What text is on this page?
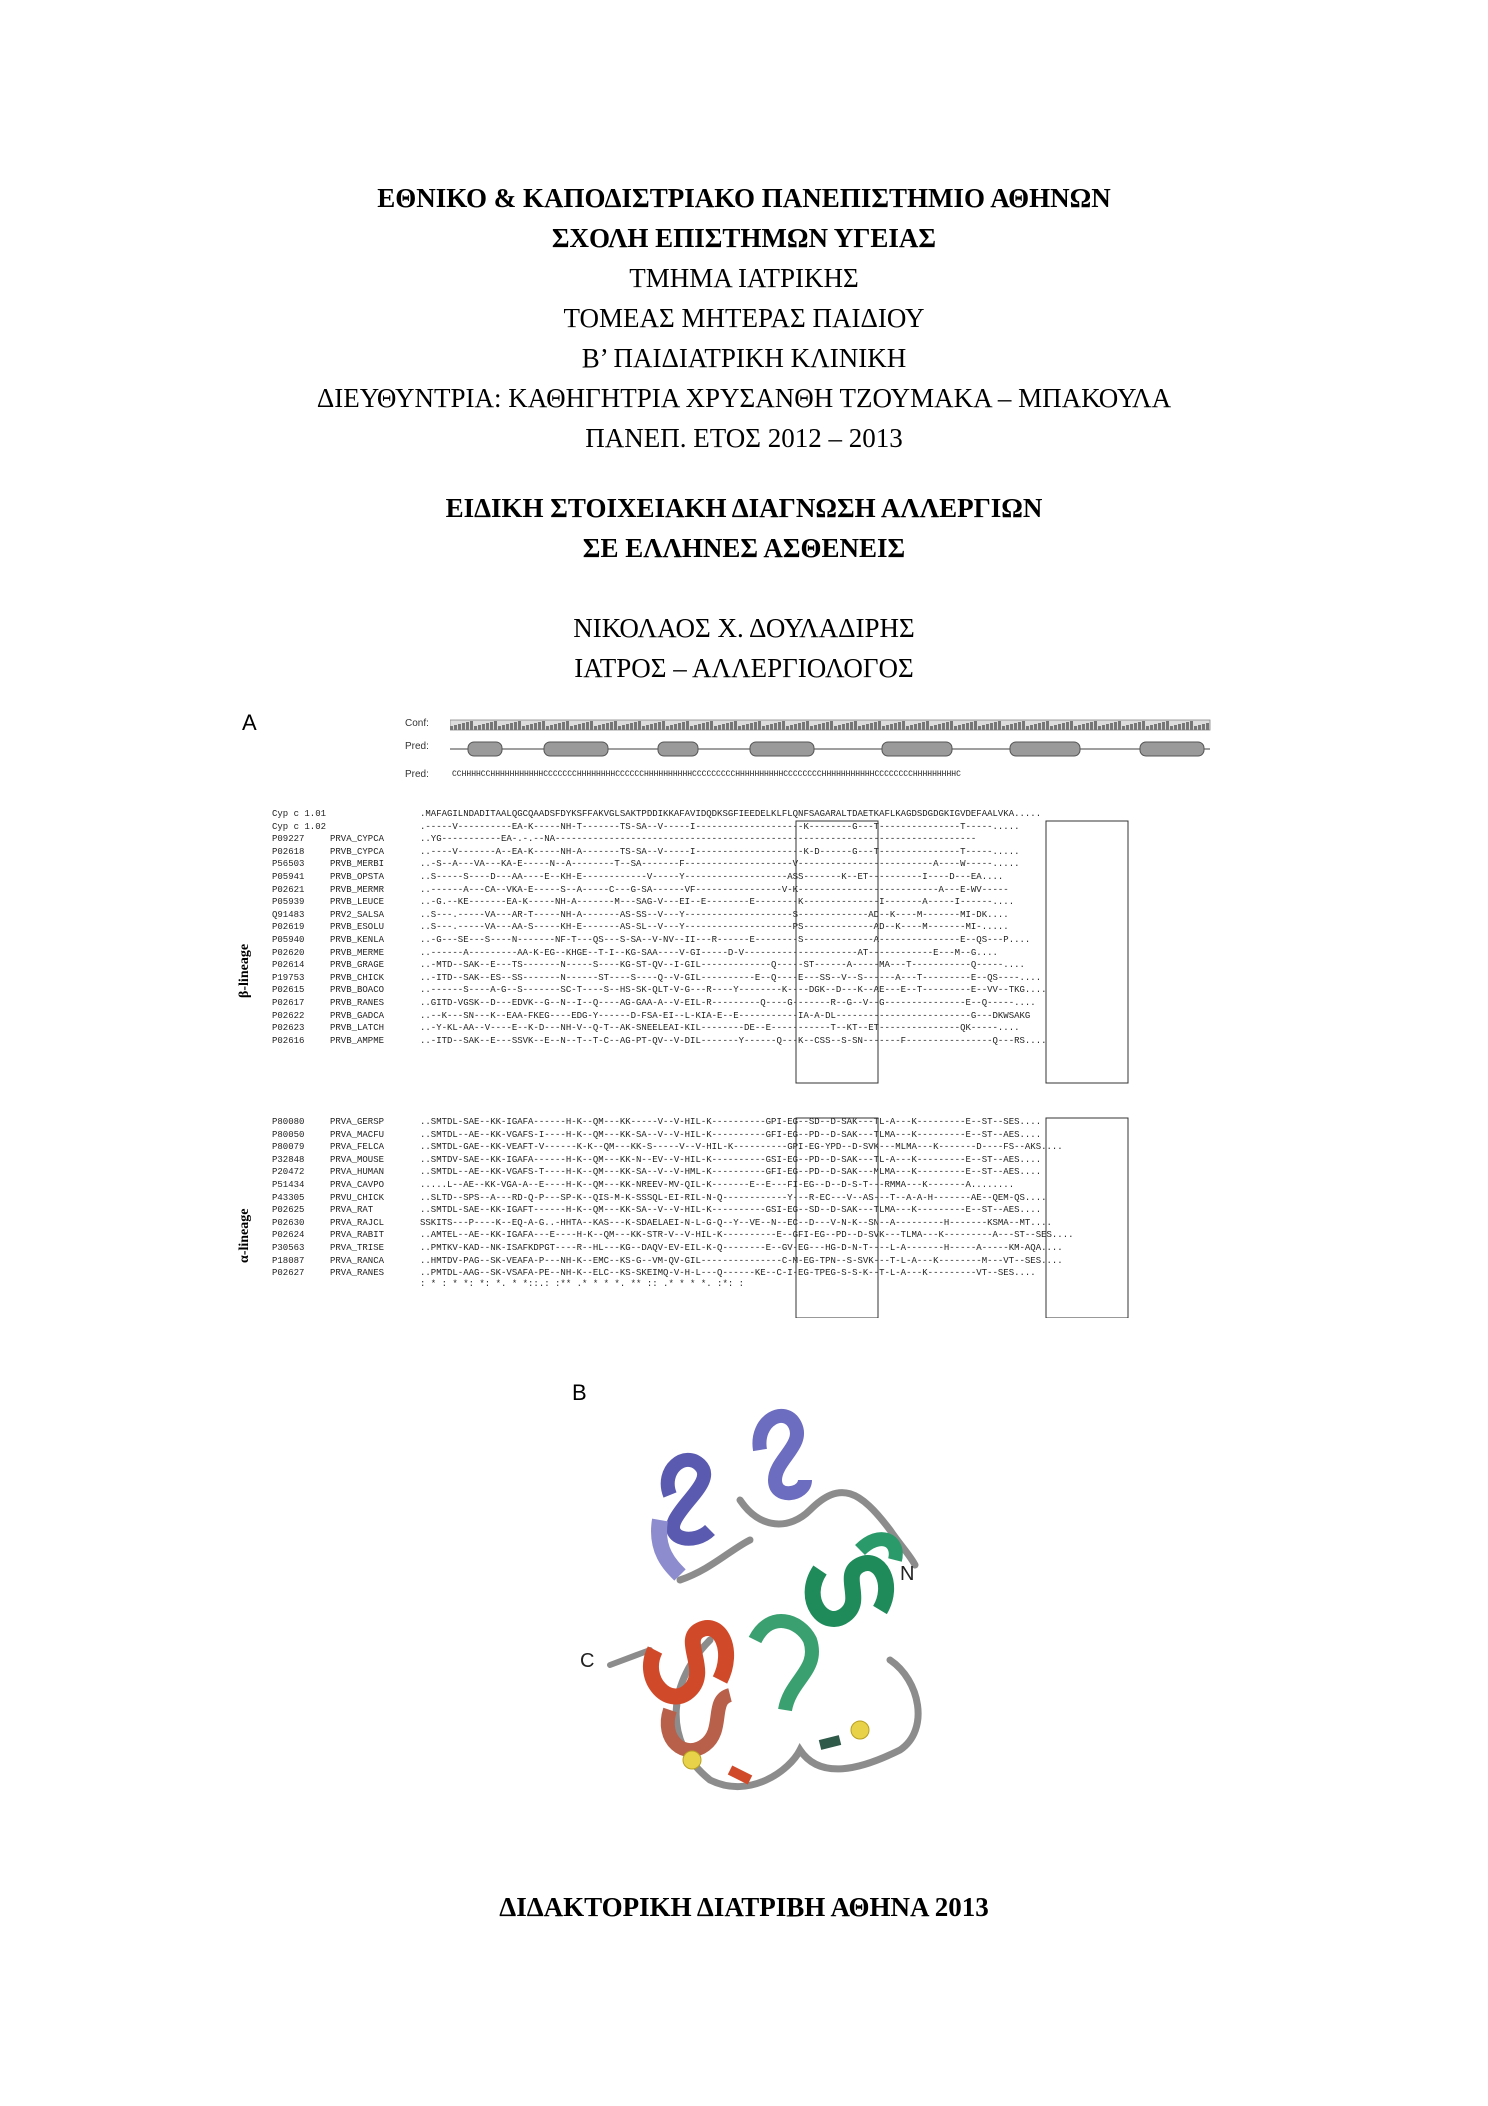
ΕΘΝΙΚΟ & ΚΑΠΟΔΙΣΤΡΙΑΚΟ ΠΑΝΕΠΙΣΤΗΜΙΟ ΑΘΗΝΩΝ
ΣΧΟΛΗ ΕΠΙΣΤΗΜΩΝ ΥΓΕΙΑΣ
ΤΜΗΜΑ ΙΑΤΡΙΚΗΣ
ΤΟΜΕΑΣ ΜΗΤΕΡΑΣ ΠΑΙΔΙΟΥ
Β’ ΠΑΙΔΙΑΤΡΙΚΗ ΚΛΙΝΙΚΗ
ΔΙΕΥΘΥΝΤΡΙΑ: ΚΑΘΗΓΗΤΡΙΑ ΧΡΥΣΑΝΘΗ ΤΖΟΥΜΑΚΑ – ΜΠΑΚΟΥΛΑ
ΠΑΝΕΠ. ΕΤΟΣ 2012 – 2013
ΕΙΔΙΚΗ ΣΤΟΙΧΕΙΑΚΗ ΔΙΑΓΝΩΣΗ ΑΛΛΕΡΓΙΩΝ
ΣΕ ΕΛΛΗΝΕΣ ΑΣΘΕΝΕΙΣ
ΝΙΚΟΛΑΟΣ Χ. ΔΟΥΛΑΔΙΡΗΣ
ΙΑΤΡΟΣ – ΑΛΛΕΡΓΙΟΛΟΓΟΣ
A	Conf:
Pred:
Pred:	CCHHHHCCHHHHHHHHHHHCCCCCCCHHHHHHHHCCCCCCHHHHHHHHHHCCCCCCCCCHHHHHHHHHHCCCCCCCCHHHHHHHHHHHCCCCCCCCHHHHHHHHHC
Cyp c 1.01	.MAFAGILNDADITAALQGCQAADSFDYKSFFAKVGLSAKTPDDIKKAFAVIDQDKSGFIEEDELKLFLQNFSAGARALTDAETKAFLKAGDSDGDGKIGVDEFAALVKA.....
Cyp c 1.02	.-----V----------EA-K-----NH-T-------TS-SA--V-----I--------------------K--------G---T---------------T-----.....
P09227	PRVA_CYPCA	..YG-----------EA-.-.--NA------------------------------------------------------------------------------
P02618	PRVB_CYPCA	..----V-------A--EA-K-----NH-A-------TS-SA--V-----I--------------------K-D------G---T---------------T-----.....
P56503	PRVB_MERBI	..-S--A---VA---KA-E-----N--A--------T--SA-------F--------------------V-------------------------A----W-----.....
P05941	PRVB_OPSTA	..S-----S----D---AA----E--KH-E------------V-----Y-------------------ASS-------K--ET----------I----D---EA....
P02621	PRVB_MERMR	..------A---CA--VKA-E-----S--A-----C---G-SA------VF----------------V-K--------------------------A---E-WV-----
P05939	PRVB_LEUCE	..-G.--KE-------EA-K-----NH-A-------M---SAG-V---EI--E--------E--------K--------------I-------A-----I------....
Q91483	PRV2_SALSA	..S---.-----VA---AR-T-----NH-A-------AS-SS--V---Y--------------------S-------------AD--K----M-------MI-DK....
P02619	PRVB_ESOLU	..S---.-----VA---AA-S-----KH-E-------AS-SL--V---Y--------------------PS-------------AD--K----M-------MI-.....
P05940	PRVB_KENLA	..-G---SE---S----N-------NF-T---QS---S-SA--V-NV--II---R------E--------S-------------A---------------E--QS---P....
P02620	PRVB_MERME	..------A---------AA-K-EG--KHGE--T-I--KG-SAA----V-GI-----D-V---------------------AT------------E---M--G....
P02614	PRVB_GRAGE	..-MTD--SAK--E---TS-------N-----S----KG-ST-QV--I-GIL-------------Q-----ST------A-----MA---T-----------Q-----....
P19753	PRVB_CHICK	..-ITD--SAK--ES--SS-------N------ST----S----Q--V-GIL----------E--Q----E---SS--V--S------A---T---------E--QS----....
P02615	PRVB_BOACO	..------S----A-G--S-------SC-T----S--HS-SK-QLT-V-G---R----Y--------K----DGK--D---K--AE---E--T---------E--VV--TKG....
P02617	PRVB_RANES	..GITD-VGSK--D---EDVK--G--N--I--Q----AG-GAA-A--V-EIL-R---------Q----G-------R--G--V--G---------------E--Q-----....
P02622	PRVB_GADCA	..--K---SN---K--EAA-FKEG----EDG-Y------D-FSA-EI--L-KIA-E--E-----------IA-A-DL-------------------------G---DKWSAKG
P02623	PRVB_LATCH	..-Y-KL-AA--V----E--K-D---NH-V--Q-T--AK-SNEELEAI-KIL--------DE--E-----------T--KT--ET---------------QK-----....
P02616	PRVB_AMPME	..-ITD--SAK--E---SSVK--E--N--T--T-C--AG-PT-QV--V-DIL-------Y------Q---K--CSS--S-SN-------F----------------Q---RS....
P80080	PRVA_GERSP	..SMTDL-SAE--KK-IGAFA------H-K--QM---KK-----V--V-HIL-K----------GPI-EG--SD--D-SAK---TL-A---K---------E--ST--SES....
P80050	PRVA_MACFU	..SMTDL--AE--KK-VGAFS-I----H-K--QM---KK-SA--V--V-HIL-K----------GFI-EG--PD--D-SAK---TLMA---K---------E--ST--AES....
P80079	PRVA_FELCA	..SMTDL-GAE--KK-VEAFT-V------K-K--QM---KK-S-----V--V-HIL-K----------GPI-EG-YPD--D-SVK---MLMA---K-------D----FS--AKS....
P32848	PRVA_MOUSE	..SMTDV-SAE--KK-IGAFA------H-K--QM---KK-N--EV--V-HIL-K----------GSI-EG--PD--D-SAK---TL-A---K---------E--ST--AES....
P20472	PRVA_HUMAN	..SMTDL--AE--KK-VGAFS-T----H-K--QM---KK-SA--V--V-HML-K----------GFI-EG--PD--D-SAK---MLMA---K---------E--ST--AES....
P51434	PRVA_CAVPO	.....L--AE--KK-VGA-A--E----H-K--QM---KK-NREEV-MV-QIL-K-------E--E---FI-EG--D--D-S-T---RMMA---K-------A........
P43305	PRVU_CHICK	..SLTD--SPS--A---RD-Q-P---SP-K--QIS-M-K-SSSQL-EI-RIL-N-Q------------Y---R-EC---V--AS---T--A-A-H-------AE--QEM-QS....
P02625	PRVA_RAT	..SMTDL-SAE--KK-IGAFT------H-K--QM---KK-SA--V--V-HIL-K----------GSI-EG--SD--D-SAK---TLMA---K---------E--ST--AES....
P02630	PRVA_RAJCL	SSKITS---P----K--EQ-A-G..-HHTA--KAS---K-SDAELAEI-N-L-G-Q--Y--VE--N--EC--D---V-N-K--SN--A---------H-------KSMA--MT....
P02624	PRVA_RABIT	..AMTEL--AE--KK-IGAFA---E----H-K--QM---KK-STR-V--V-HIL-K----------E--GFI-EG--PD--D-SVK---TLMA---K---------A---ST--SES....
P30563	PRVA_TRISE	..PMTKV-KAD--NK-ISAFKDPGT----R--HL---KG--DAQV-EV-EIL-K-Q--------E--GV-EG---HG-D-N-T----L-A-------H-----A-----KM-AQA....
P18087	PRVA_RANCA	..HMTDV-PAG--SK-VEAFA-P---NH-K--EMC--KS-G--VM-QV-GIL---------------C-M-EG-TPN--S-SVK---T-L-A---K--------M---VT--SES....
P02627	PRVA_RANES	..PMTDL-AAG--SK-VSAFA-PE--NH-K--ELC--KS-SKEIMQ-V-H-L---Q------KE--C-I-EG-TPEG-S-S-K--T-L-A---K---------VT--SES....
: * : * *: *: *. * *::.: :** .* * * *. ** :: .* * * *. :*: :
β-lineage
α-lineage
B
N
C
ΔΙΔΑΚΤΟΡΙΚΗ ΔΙΑΤΡΙΒΗ ΑΘΗΝΑ 2013
